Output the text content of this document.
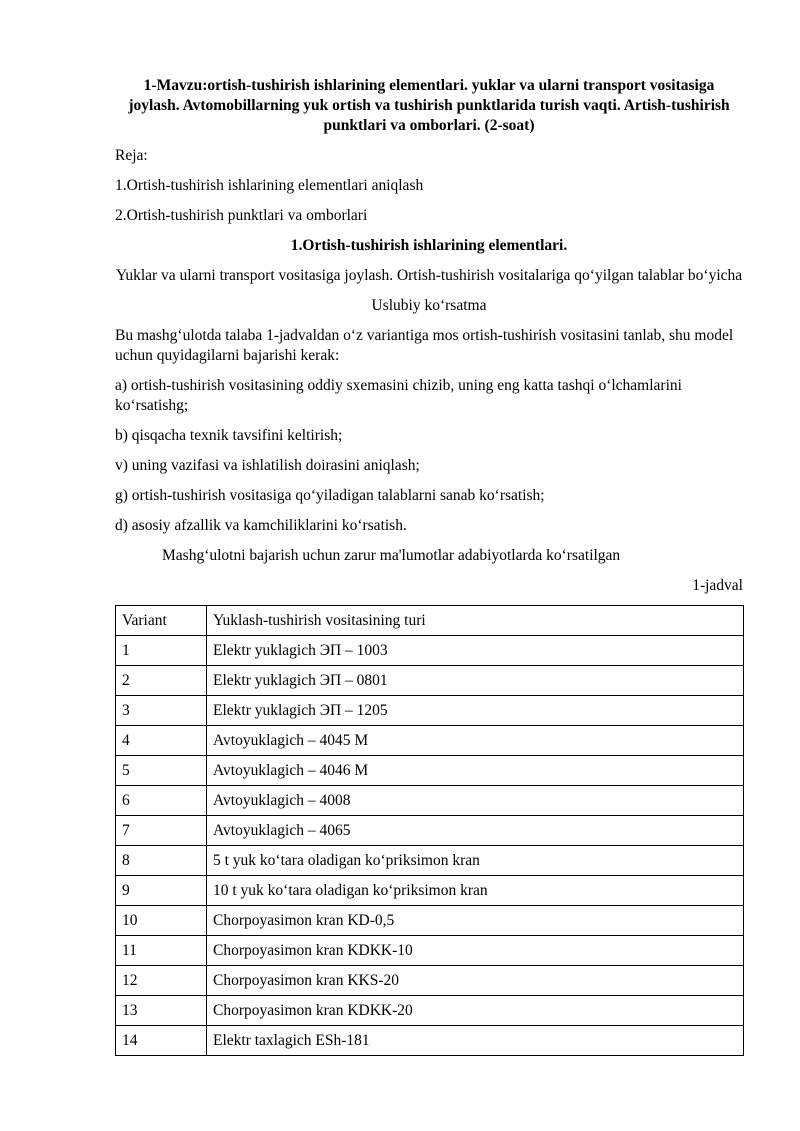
1-Mavzu:ortish-tushirish ishlarining elementlari. yuklar va ularni transport vositasiga joylash. Avtomobillarning yuk ortish va tushirish punktlarida turish vaqti. Artish-tushirish punktlari va omborlari. (2-soat)
Reja:
1.Ortish-tushirish ishlarining elementlari aniqlash
2.Ortish-tushirish punktlari va omborlari
1.Ortish-tushirish ishlarining elementlari.
Yuklar va ularni transport vositasiga joylash. Ortish-tushirish vositalariga qo‘yilgan talablar bo‘yicha
Uslubiy ko‘rsatma
Bu mashg‘ulotda talaba 1-jadvaldan o‘z variantiga mos ortish-tushirish vositasini tanlab, shu model uchun quyidagilarni bajarishi kerak:
a) ortish-tushirish vositasining oddiy sxemasini chizib, uning eng katta tashqi o‘lchamlarini ko‘rsatishg;
b) qisqacha texnik tavsifini keltirish;
v) uning vazifasi va ishlatilish doirasini aniqlash;
g) ortish-tushirish vositasiga qo‘yiladigan talablarni sanab ko‘rsatish;
d) asosiy afzallik va kamchiliklarini ko‘rsatish.
Mashg‘ulotni bajarish uchun zarur ma'lumotlar adabiyotlarda ko‘rsatilgan
1-jadval
Variant	Yuklash-tushirish vositasining turi
1	Elektr yuklagich ЭП – 1003
2	Elektr yuklagich ЭП – 0801
3	Elektr yuklagich ЭП – 1205
4	Avtoyuklagich – 4045 M
5	Avtoyuklagich – 4046 M
6	Avtoyuklagich – 4008
7	Avtoyuklagich – 4065
8	5 t yuk ko‘tara oladigan ko‘priksimon kran
9	10 t yuk ko‘tara oladigan ko‘priksimon kran
10	Chorpoyasimon kran KD-0,5
11	Chorpoyasimon kran KDKK-10
12	Chorpoyasimon kran KKS-20
13	Chorpoyasimon kran KDKK-20
14	Elektr taxlagich ESh-181
